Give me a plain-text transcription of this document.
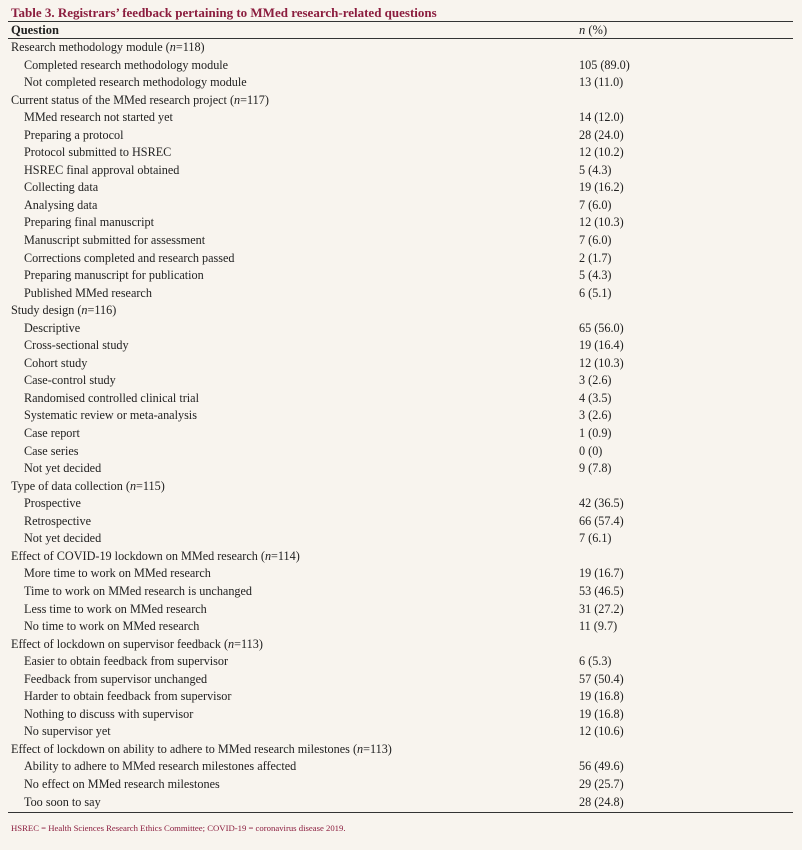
Table 3. Registrars’ feedback pertaining to MMed research-related questions
Question	n (%)
Research methodology module (n=118)
Completed research methodology module	105 (89.0)
Not completed research methodology module	13 (11.0)
Current status of the MMed research project (n=117)
MMed research not started yet	14 (12.0)
Preparing a protocol	28 (24.0)
Protocol submitted to HSREC	12 (10.2)
HSREC final approval obtained	5 (4.3)
Collecting data	19 (16.2)
Analysing data	7 (6.0)
Preparing final manuscript	12 (10.3)
Manuscript submitted for assessment	7 (6.0)
Corrections completed and research passed	2 (1.7)
Preparing manuscript for publication	5 (4.3)
Published MMed research	6 (5.1)
Study design (n=116)
Descriptive	65 (56.0)
Cross-sectional study	19 (16.4)
Cohort study	12 (10.3)
Case-control study	3 (2.6)
Randomised controlled clinical trial	4 (3.5)
Systematic review or meta-analysis	3 (2.6)
Case report	1 (0.9)
Case series	0 (0)
Not yet decided	9 (7.8)
Type of data collection (n=115)
Prospective	42 (36.5)
Retrospective	66 (57.4)
Not yet decided	7 (6.1)
Effect of COVID-19 lockdown on MMed research (n=114)
More time to work on MMed research	19 (16.7)
Time to work on MMed research is unchanged	53 (46.5)
Less time to work on MMed research	31 (27.2)
No time to work on MMed research	11 (9.7)
Effect of lockdown on supervisor feedback (n=113)
Easier to obtain feedback from supervisor	6 (5.3)
Feedback from supervisor unchanged	57 (50.4)
Harder to obtain feedback from supervisor	19 (16.8)
Nothing to discuss with supervisor	19 (16.8)
No supervisor yet	12 (10.6)
Effect of lockdown on ability to adhere to MMed research milestones (n=113)
Ability to adhere to MMed research milestones affected	56 (49.6)
No effect on MMed research milestones	29 (25.7)
Too soon to say	28 (24.8)
HSREC = Health Sciences Research Ethics Committee; COVID-19 = coronavirus disease 2019.
